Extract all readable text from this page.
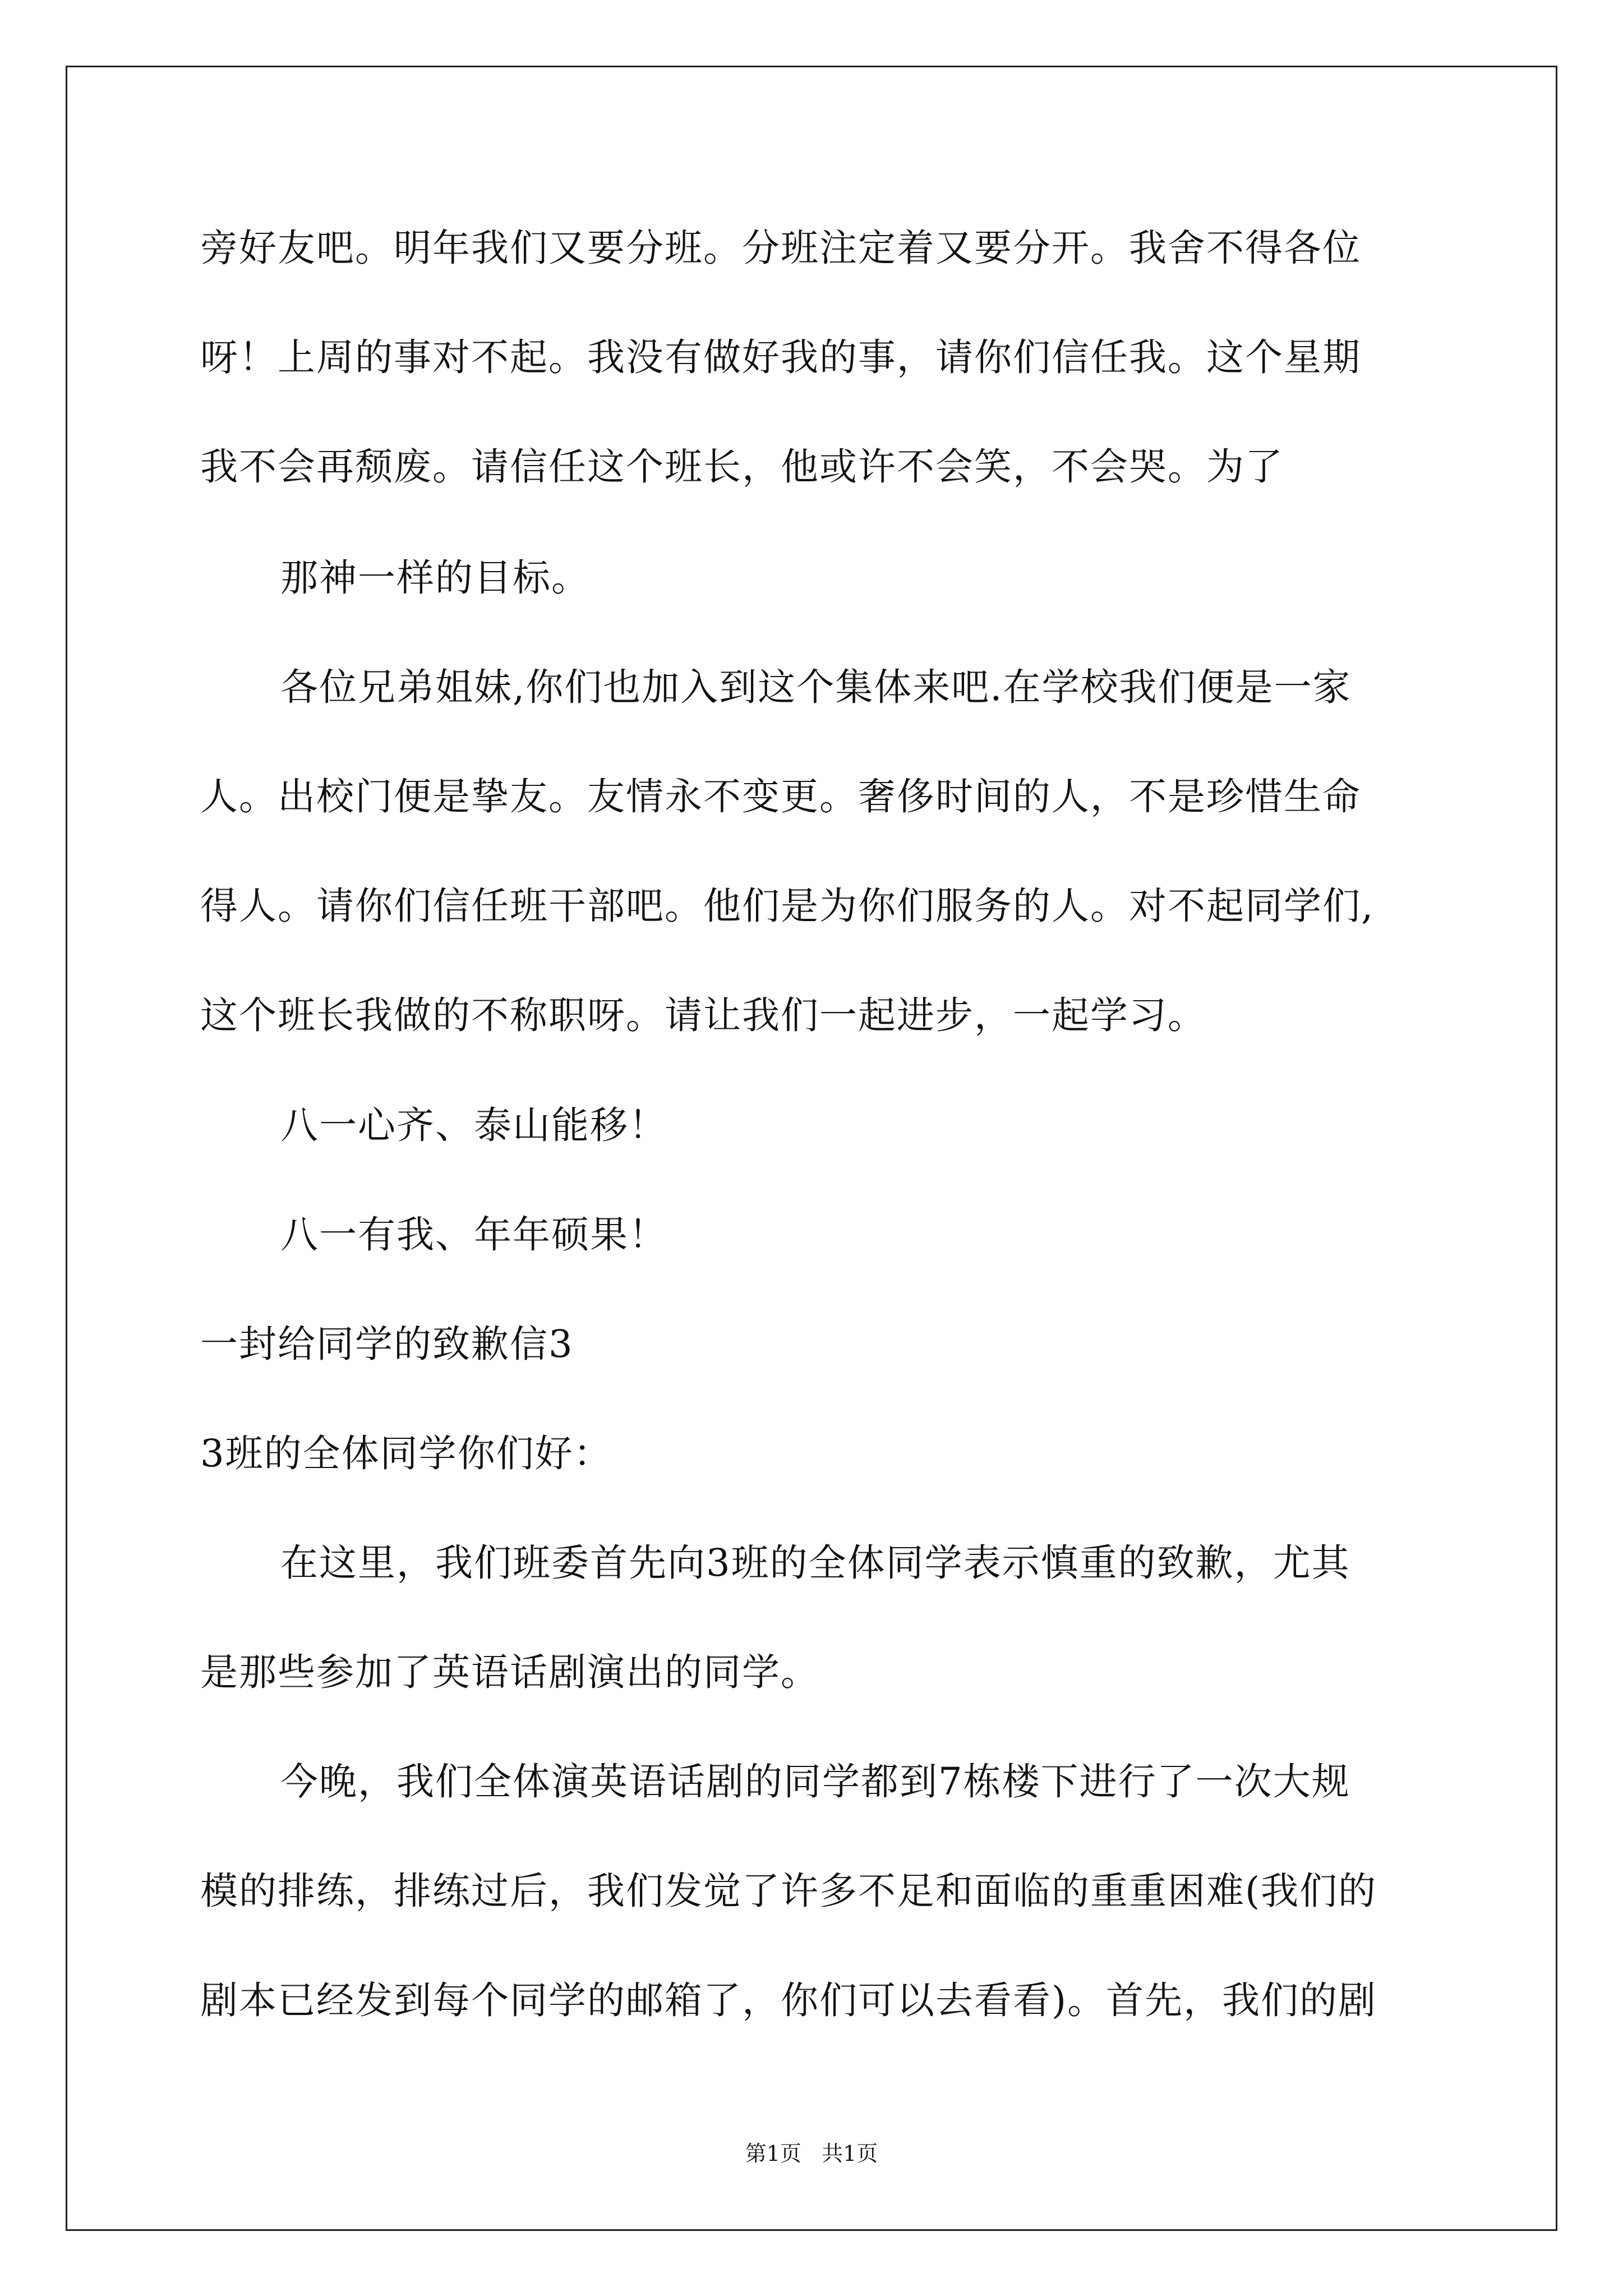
旁好友吧。明年我们又要分班。分班注定着又要分开。我舍不得各位
呀！上周的事对不起。我没有做好我的事，请你们信任我。这个星期
我不会再颓废。请信任这个班长，他或许不会笑，不会哭。为了
那神一样的目标。
各位兄弟姐妹,你们也加入到这个集体来吧.在学校我们便是一家
人。出校门便是挚友。友情永不变更。奢侈时间的人，不是珍惜生命
得人。请你们信任班干部吧。他们是为你们服务的人。对不起同学们,
这个班长我做的不称职呀。请让我们一起进步，一起学习。
八一心齐、泰山能移！
八一有我、年年硕果！
一封给同学的致歉信3
3班的全体同学你们好：
在这里，我们班委首先向3班的全体同学表示慎重的致歉，尤其
是那些参加了英语话剧演出的同学。
今晚，我们全体演英语话剧的同学都到7栋楼下进行了一次大规
模的排练，排练过后，我们发觉了许多不足和面临的重重困难(我们的
剧本已经发到每个同学的邮箱了，你们可以去看看)。首先，我们的剧
第1页   共1页
